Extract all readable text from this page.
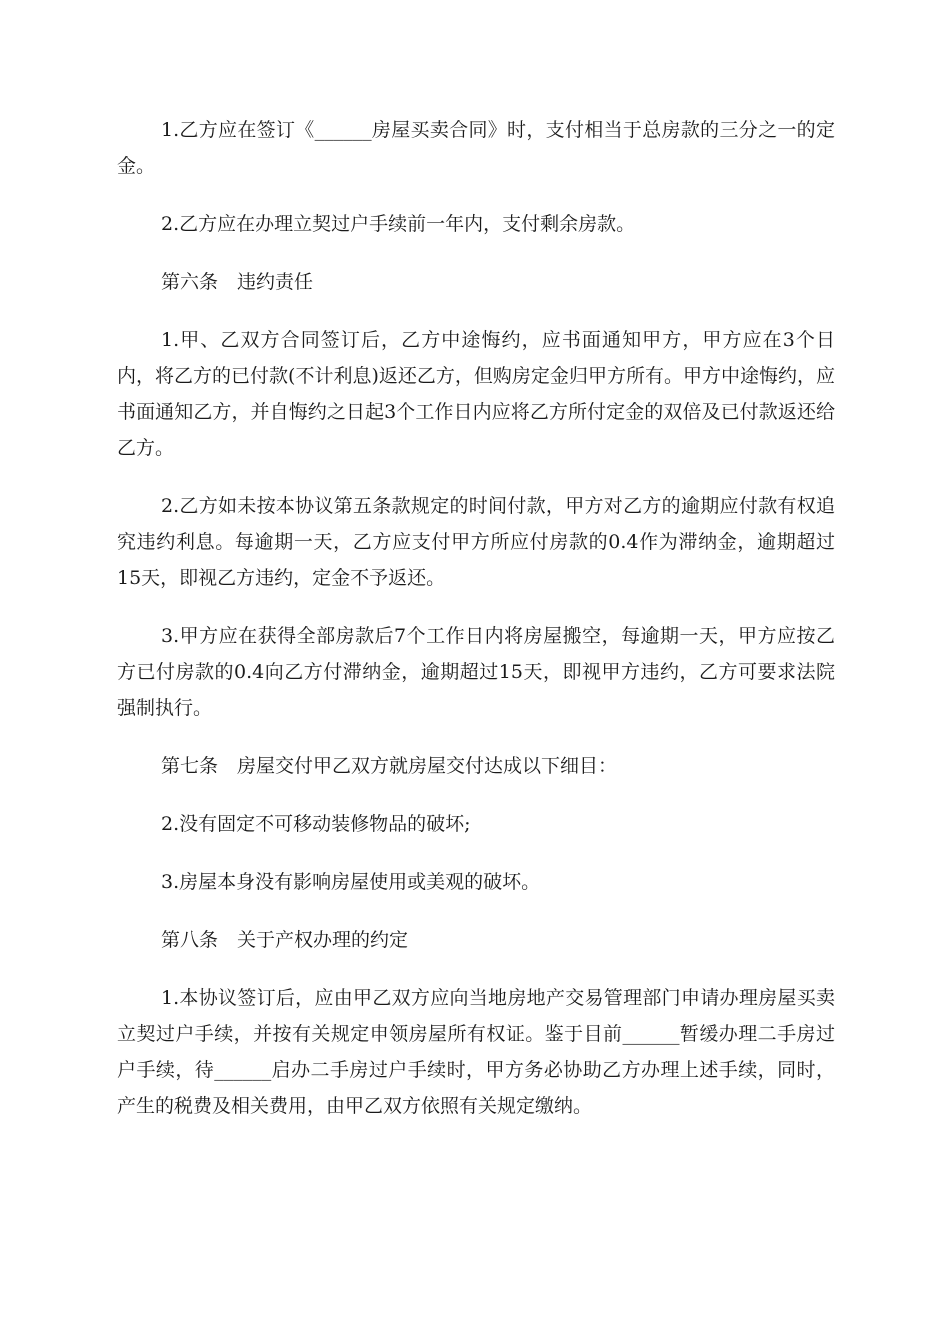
1.乙方应在签订《______房屋买卖合同》时，支付相当于总房款的三分之一的定金。

2.乙方应在办理立契过户手续前一年内，支付剩余房款。

第六条　违约责任

1.甲、乙双方合同签订后，乙方中途悔约，应书面通知甲方，甲方应在3个日内，将乙方的已付款(不计利息)返还乙方，但购房定金归甲方所有。甲方中途悔约，应书面通知乙方，并自悔约之日起3个工作日内应将乙方所付定金的双倍及已付款返还给乙方。

2.乙方如未按本协议第五条款规定的时间付款，甲方对乙方的逾期应付款有权追究违约利息。每逾期一天，乙方应支付甲方所应付房款的0.4作为滞纳金，逾期超过15天，即视乙方违约，定金不予返还。

3.甲方应在获得全部房款后7个工作日内将房屋搬空，每逾期一天，甲方应按乙方已付房款的0.4向乙方付滞纳金，逾期超过15天，即视甲方违约，乙方可要求法院强制执行。

第七条　房屋交付甲乙双方就房屋交付达成以下细目：

2.没有固定不可移动装修物品的破坏;

3.房屋本身没有影响房屋使用或美观的破坏。

第八条　关于产权办理的约定

1.本协议签订后，应由甲乙双方应向当地房地产交易管理部门申请办理房屋买卖立契过户手续，并按有关规定申领房屋所有权证。鉴于目前______暂缓办理二手房过户手续，待______启办二手房过户手续时，甲方务必协助乙方办理上述手续，同时，产生的税费及相关费用，由甲乙双方依照有关规定缴纳。
